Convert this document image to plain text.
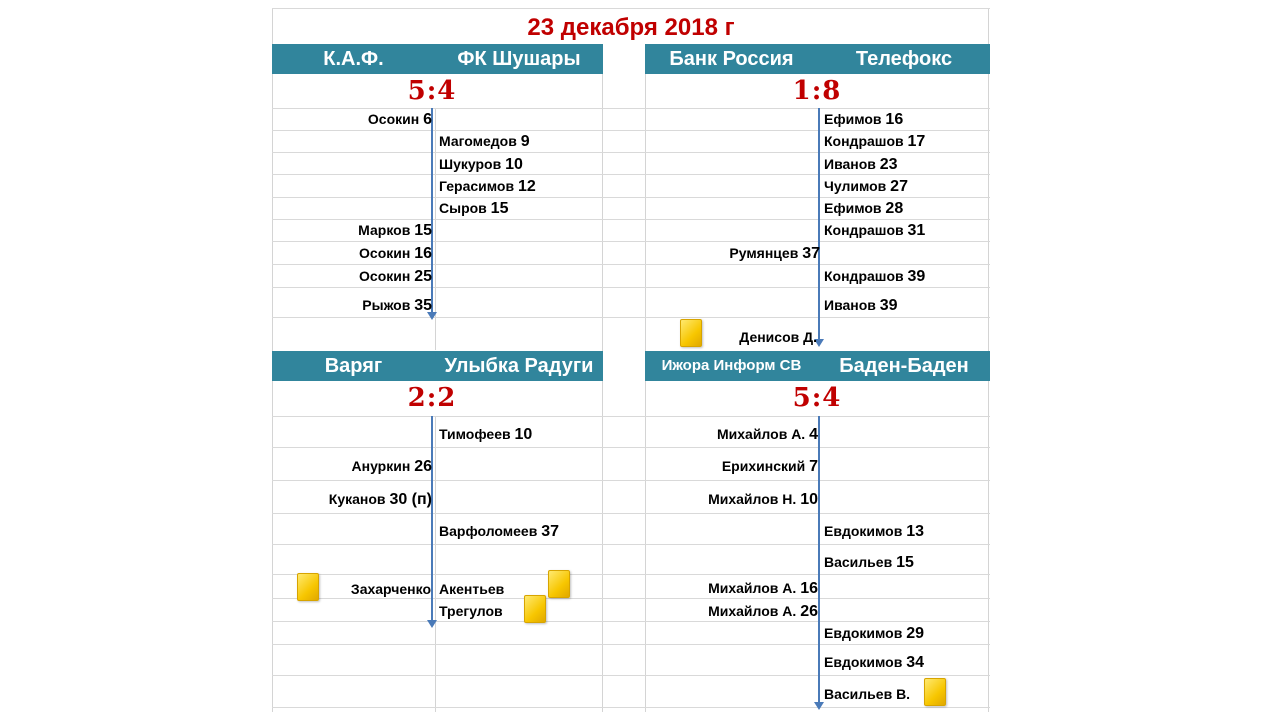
23 декабря 2018 г
К.А.Ф.	ФК Шушары	Банк Россия	Телефокс
Варяг	Улыбка Радуги	Ижора Информ СВ	Баден-Баден
5:4	1:8
2:2	5:4
Осокин 6
Марков 15
Осокин 16
Осокин 25
Рыжов 35
Магомедов 9
Шукуров 10
Герасимов 12
Сыров 15
Румянцев 37
Денисов Д.
Ефимов 16
Кондрашов 17
Иванов 23
Чулимов 27
Ефимов 28
Кондрашов 31
Кондрашов 39
Иванов 39
Ануркин 26
Куканов 30 (п)
Захарченко
Тимофеев 10
Варфоломеев 37
Акентьев
Трегулов
Михайлов А. 4
Ерихинский 7
Михайлов Н. 10
Михайлов А. 16
Михайлов А. 26
Евдокимов 13
Васильев 15
Евдокимов 29
Евдокимов 34
Васильев В.
